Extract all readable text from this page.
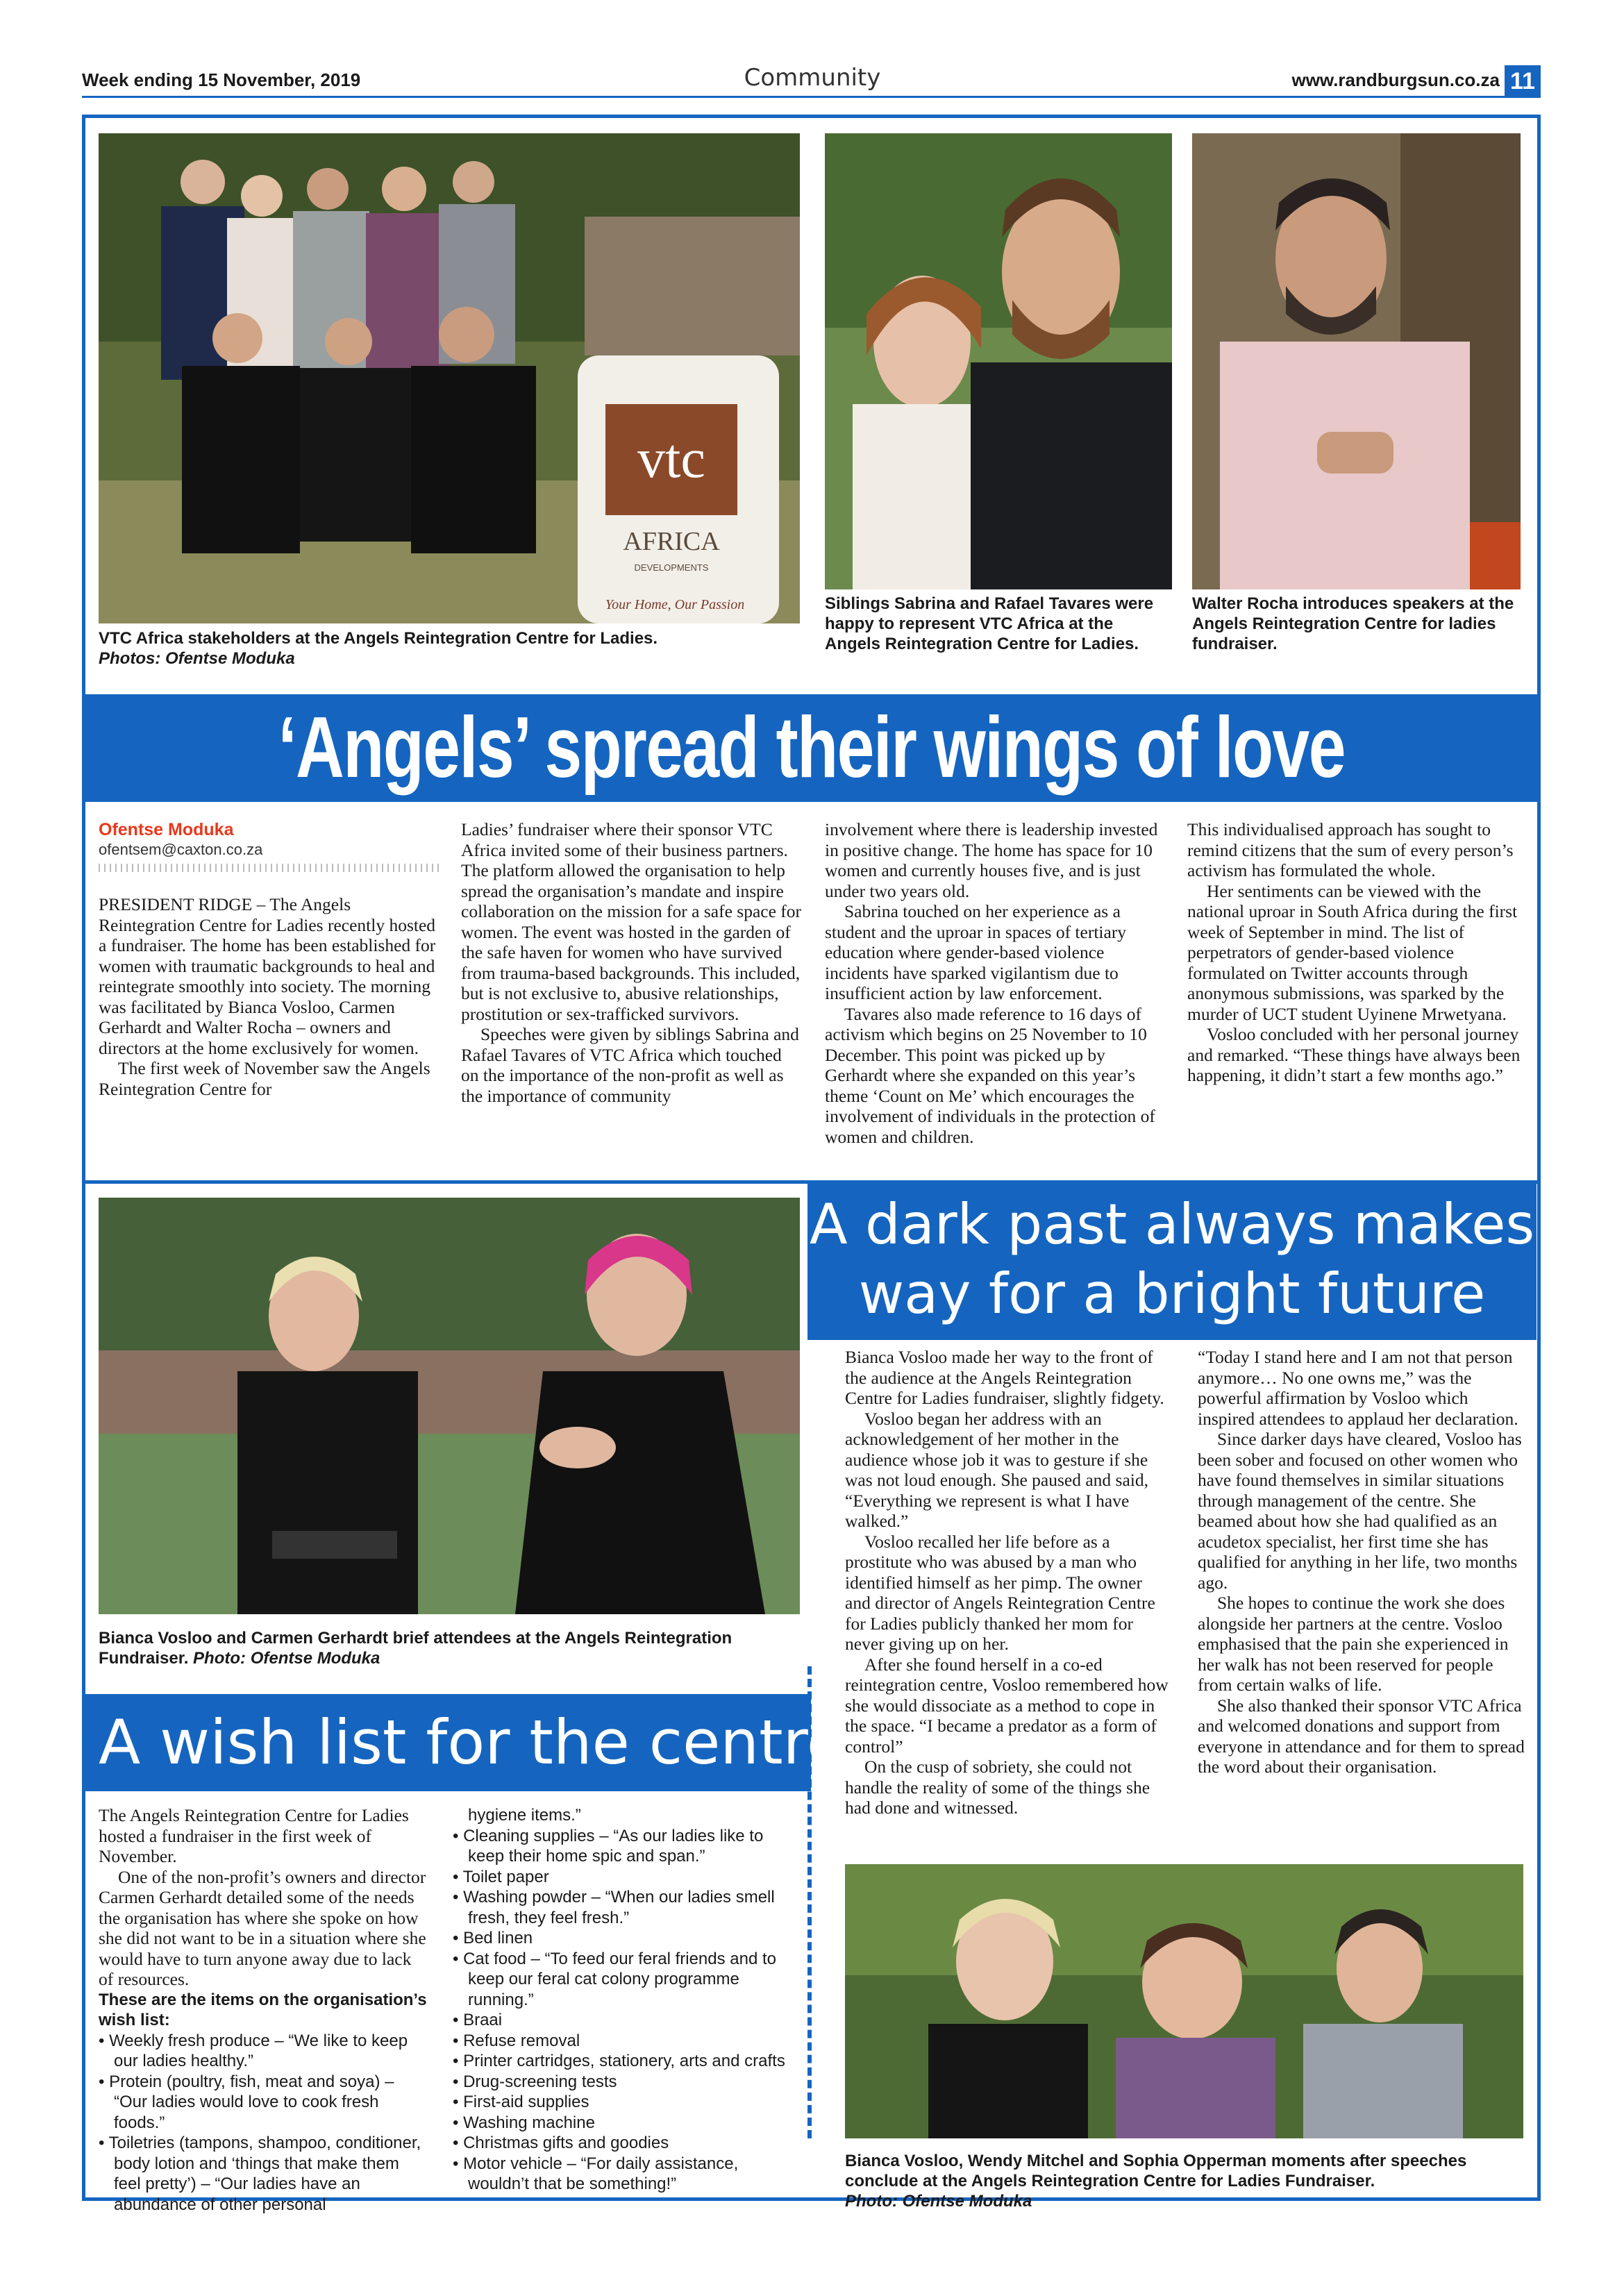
Week ending 15 November, 2019	Community	www.randburgsun.co.za 11
vtc
AFRICA
DEVELOPMENTS
Your Home, Our Passion
VTC Africa stakeholders at the Angels Reintegration Centre for Ladies.
Photos: Ofentse Moduka
Siblings Sabrina and Rafael Tavares were happy to represent VTC Africa at the Angels Reintegration Centre for Ladies.
Walter Rocha introduces speakers at the Angels Reintegration Centre for ladies fundraiser.
‘Angels’ spread their wings of love
Ofentse Moduka
ofentsem@caxton.co.za

PRESIDENT RIDGE – The Angels Reintegration Centre for Ladies recently hosted a fundraiser. The home has been established for women with traumatic backgrounds to heal and reintegrate smoothly into society. The morning was facilitated by Bianca Vosloo, Carmen Gerhardt and Walter Rocha – owners and directors at the home exclusively for women.

The first week of November saw the Angels Reintegration Centre for

Ladies’ fundraiser where their sponsor VTC Africa invited some of their business partners. The platform allowed the organisation to help spread the organisation’s mandate and inspire collaboration on the mission for a safe space for women. The event was hosted in the garden of the safe haven for women who have survived from trauma-based backgrounds. This included, but is not exclusive to, abusive relationships, prostitution or sex-trafficked survivors.

Speeches were given by siblings Sabrina and Rafael Tavares of VTC Africa which touched on the importance of the non-profit as well as the importance of community

involvement where there is leadership invested in positive change. The home has space for 10 women and currently houses five, and is just under two years old.

Sabrina touched on her experience as a student and the uproar in spaces of tertiary education where gender-based violence incidents have sparked vigilantism due to insufficient action by law enforcement.

Tavares also made reference to 16 days of activism which begins on 25 November to 10 December. This point was picked up by Gerhardt where she expanded on this year’s theme ‘Count on Me’ which encourages the involvement of individuals in the protection of women and children.

This individualised approach has sought to remind citizens that the sum of every person’s activism has formulated the whole.

Her sentiments can be viewed with the national uproar in South Africa during the first week of September in mind. The list of perpetrators of gender-based violence formulated on Twitter accounts through anonymous submissions, was sparked by the murder of UCT student Uyinene Mrwetyana.

Vosloo concluded with her personal journey and remarked. “These things have always been happening, it didn’t start a few months ago.”

Bianca Vosloo and Carmen Gerhardt brief attendees at the Angels Reintegration Fundraiser. Photo: Ofentse Moduka
A dark past always makes
way for a bright future

Bianca Vosloo made her way to the front of the audience at the Angels Reintegration Centre for Ladies fundraiser, slightly fidgety.

Vosloo began her address with an acknowledgement of her mother in the audience whose job it was to gesture if she was not loud enough. She paused and said, “Everything we represent is what I have walked.”

Vosloo recalled her life before as a prostitute who was abused by a man who identified himself as her pimp. The owner and director of Angels Reintegration Centre for Ladies publicly thanked her mom for never giving up on her.

After she found herself in a co-ed reintegration centre, Vosloo remembered how she would dissociate as a method to cope in the space. “I became a predator as a form of control”

On the cusp of sobriety, she could not handle the reality of some of the things she had done and witnessed.

“Today I stand here and I am not that person anymore… No one owns me,” was the powerful affirmation by Vosloo which inspired attendees to applaud her declaration.

Since darker days have cleared, Vosloo has been sober and focused on other women who have found themselves in similar situations through management of the centre. She beamed about how she had qualified as an acudetox specialist, her first time she has qualified for anything in her life, two months ago.

She hopes to continue the work she does alongside her partners at the centre. Vosloo emphasised that the pain she experienced in her walk has not been reserved for people from certain walks of life.

She also thanked their sponsor VTC Africa and welcomed donations and support from everyone in attendance and for them to spread the word about their organisation.

Bianca Vosloo, Wendy Mitchel and Sophia Opperman moments after speeches conclude at the Angels Reintegration Centre for Ladies Fundraiser.
Photo: Ofentse Moduka
A wish list for the centre

The Angels Reintegration Centre for Ladies hosted a fundraiser in the first week of November.

One of the non-profit’s owners and director Carmen Gerhardt detailed some of the needs the organisation has where she spoke on how she did not want to be in a situation where she would have to turn anyone away due to lack of resources.

These are the items on the organisation’s wish list:

• Weekly fresh produce – “We like to keep our ladies healthy.”
• Protein (poultry, fish, meat and soya) – “Our ladies would love to cook fresh foods.”
• Toiletries (tampons, shampoo, conditioner, body lotion and ‘things that make them feel pretty’) – “Our ladies have an abundance of other personal
hygiene items.”
• Cleaning supplies – “As our ladies like to keep their home spic and span.”
• Toilet paper
• Washing powder – “When our ladies smell fresh, they feel fresh.”
• Bed linen
• Cat food – “To feed our feral friends and to keep our feral cat colony programme running.”
• Braai
• Refuse removal
• Printer cartridges, stationery, arts and crafts
• Drug-screening tests
• First-aid supplies
• Washing machine
• Christmas gifts and goodies
• Motor vehicle – “For daily assistance, wouldn’t that be something!”
